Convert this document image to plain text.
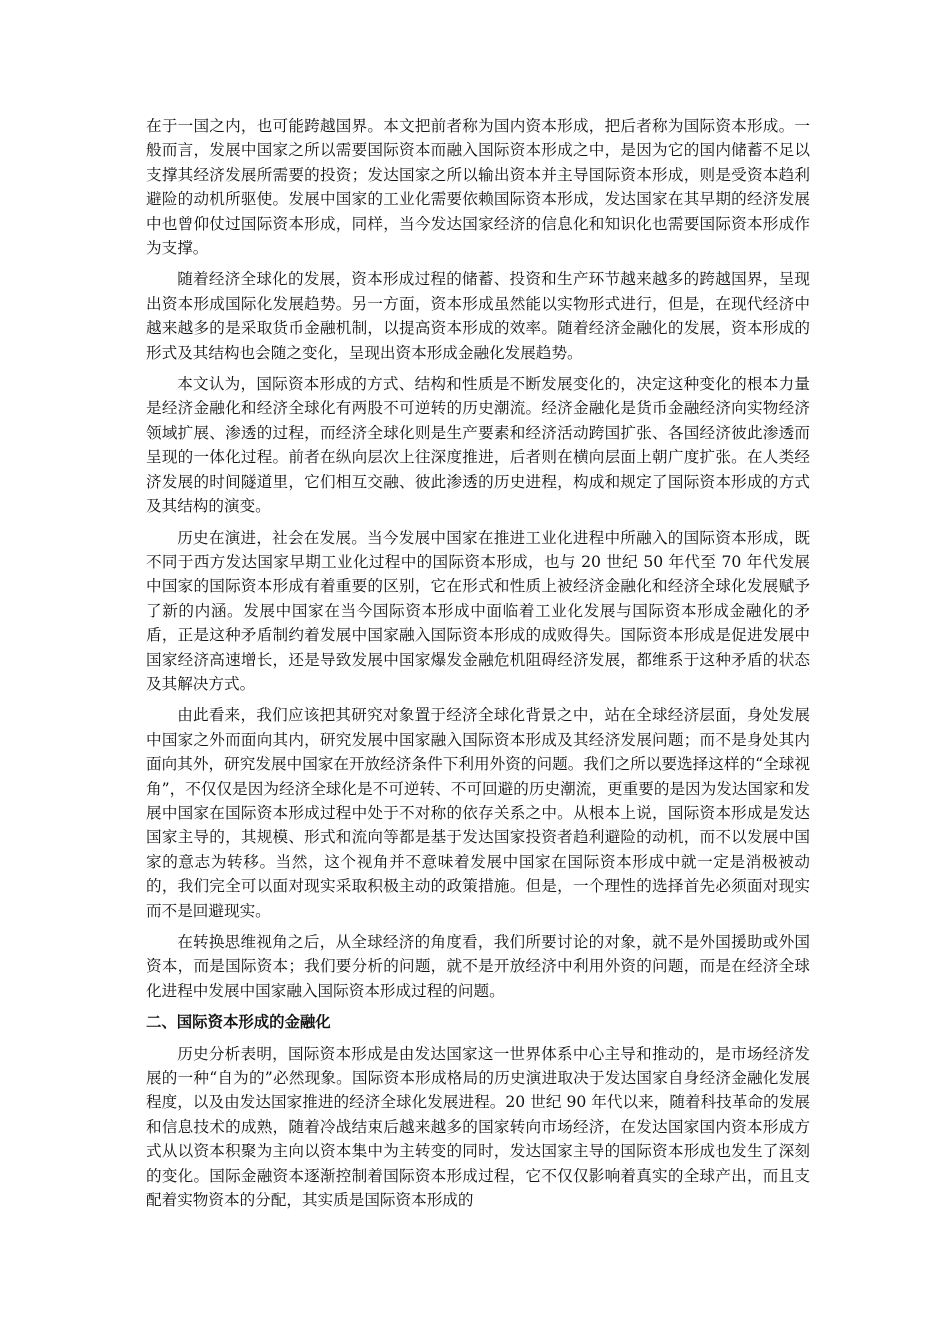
在于一国之内，也可能跨越国界。本文把前者称为国内资本形成，把后者称为国际资本形成。一般而言，发展中国家之所以需要国际资本而融入国际资本形成之中，是因为它的国内储蓄不足以支撑其经济发展所需要的投资；发达国家之所以输出资本并主导国际资本形成，则是受资本趋利避险的动机所驱使。发展中国家的工业化需要依赖国际资本形成，发达国家在其早期的经济发展中也曾仰仗过国际资本形成，同样，当今发达国家经济的信息化和知识化也需要国际资本形成作为支撑。

随着经济全球化的发展，资本形成过程的储蓄、投资和生产环节越来越多的跨越国界，呈现出资本形成国际化发展趋势。另一方面，资本形成虽然能以实物形式进行，但是，在现代经济中越来越多的是采取货币金融机制，以提高资本形成的效率。随着经济金融化的发展，资本形成的形式及其结构也会随之变化，呈现出资本形成金融化发展趋势。

本文认为，国际资本形成的方式、结构和性质是不断发展变化的，决定这种变化的根本力量是经济金融化和经济全球化有两股不可逆转的历史潮流。经济金融化是货币金融经济向实物经济领域扩展、渗透的过程，而经济全球化则是生产要素和经济活动跨国扩张、各国经济彼此渗透而呈现的一体化过程。前者在纵向层次上往深度推进，后者则在横向层面上朝广度扩张。在人类经济发展的时间隧道里，它们相互交融、彼此渗透的历史进程，构成和规定了国际资本形成的方式及其结构的演变。

历史在演进，社会在发展。当今发展中国家在推进工业化进程中所融入的国际资本形成，既不同于西方发达国家早期工业化过程中的国际资本形成，也与 20 世纪 50 年代至 70 年代发展中国家的国际资本形成有着重要的区别，它在形式和性质上被经济金融化和经济全球化发展赋予了新的内涵。发展中国家在当今国际资本形成中面临着工业化发展与国际资本形成金融化的矛盾，正是这种矛盾制约着发展中国家融入国际资本形成的成败得失。国际资本形成是促进发展中国家经济高速增长，还是导致发展中国家爆发金融危机阻碍经济发展，都维系于这种矛盾的状态及其解决方式。

由此看来，我们应该把其研究对象置于经济全球化背景之中，站在全球经济层面，身处发展中国家之外而面向其内，研究发展中国家融入国际资本形成及其经济发展问题；而不是身处其内面向其外，研究发展中国家在开放经济条件下利用外资的问题。我们之所以要选择这样的“全球视角”，不仅仅是因为经济全球化是不可逆转、不可回避的历史潮流，更重要的是因为发达国家和发展中国家在国际资本形成过程中处于不对称的依存关系之中。从根本上说，国际资本形成是发达国家主导的，其规模、形式和流向等都是基于发达国家投资者趋利避险的动机，而不以发展中国家的意志为转移。当然，这个视角并不意味着发展中国家在国际资本形成中就一定是消极被动的，我们完全可以面对现实采取积极主动的政策措施。但是，一个理性的选择首先必须面对现实而不是回避现实。

在转换思维视角之后，从全球经济的角度看，我们所要讨论的对象，就不是外国援助或外国资本，而是国际资本；我们要分析的问题，就不是开放经济中利用外资的问题，而是在经济全球化进程中发展中国家融入国际资本形成过程的问题。

二、国际资本形成的金融化

历史分析表明，国际资本形成是由发达国家这一世界体系中心主导和推动的，是市场经济发展的一种“自为的”必然现象。国际资本形成格局的历史演进取决于发达国家自身经济金融化发展程度，以及由发达国家推进的经济全球化发展进程。20 世纪 90 年代以来，随着科技革命的发展和信息技术的成熟，随着冷战结束后越来越多的国家转向市场经济，在发达国家国内资本形成方式从以资本积聚为主向以资本集中为主转变的同时，发达国家主导的国际资本形成也发生了深刻的变化。国际金融资本逐渐控制着国际资本形成过程，它不仅仅影响着真实的全球产出，而且支配着实物资本的分配，其实质是国际资本形成的
